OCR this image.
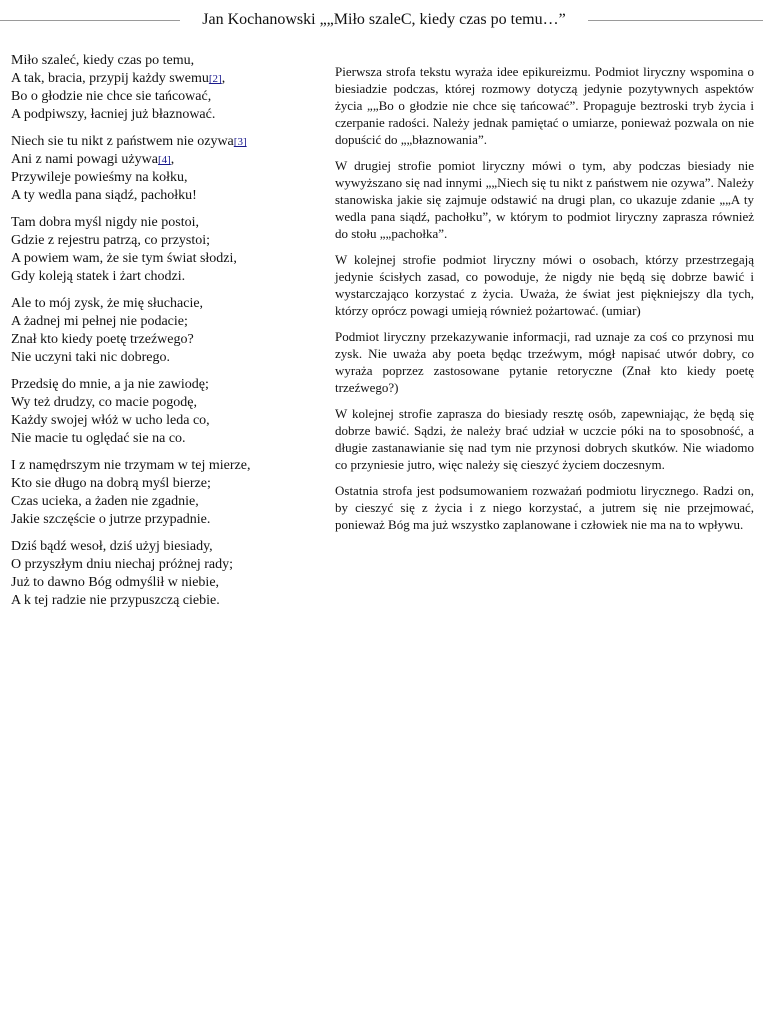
Jan Kochanowski „„Miło szaleC, kiedy czas po temu…”
Miło szaleć, kiedy czas po temu,
A tak, bracia, przypij każdy swemu[2],
Bo o głodzie nie chce sie tańcować,
A podpiwszy, łacniej już błaznować.
Niech sie tu nikt z państwem nie ozywa[3]
Ani z nami powagi używa[4],
Przywileje powieśmy na kołku,
A ty wedla pana siądź, pachołku!
Tam dobra myśl nigdy nie postoi,
Gdzie z rejestru patrzą, co przystoi;
A powiem wam, że sie tym świat słodzi,
Gdy koleją statek i żart chodzi.
Ale to mój zysk, że mię słuchacie,
A żadnej mi pełnej nie podacie;
Znał kto kiedy poetę trzeźwego?
Nie uczyni taki nic dobrego.
Przedsię do mnie, a ja nie zawiodę;
Wy też drudzy, co macie pogodę,
Każdy swojej włóż w ucho leda co,
Nie macie tu oględać sie na co.
I z namędrszym nie trzymam w tej mierze,
Kto sie długo na dobrą myśl bierze;
Czas ucieka, a żaden nie zgadnie,
Jakie szczęście o jutrze przypadnie.
Dziś bądź wesoł, dziś użyj biesiady,
O przyszłym dniu niechaj próżnej rady;
Już to dawno Bóg odmyślił w niebie,
A k tej radzie nie przypuszczą ciebie.

Pierwsza strofa tekstu wyraża idee epikureizmu. Podmiot liryczny wspomina o biesiadzie podczas, której rozmowy dotyczą jedynie pozytywnych aspektów życia „„Bo o głodzie nie chce się tańcować”. Propaguje beztroski tryb życia i czerpanie radości. Należy jednak pamiętać o umiarze, ponieważ pozwala on nie dopuścić do „„błaznowania”.

W drugiej strofie pomiot liryczny mówi o tym, aby podczas biesiady nie wywyższano się nad innymi „„Niech się tu nikt z państwem nie ozywa”. Należy stanowiska jakie się zajmuje odstawić na drugi plan, co ukazuje zdanie „„A ty wedla pana siądź, pachołku”, w którym to podmiot liryczny zaprasza również do stołu „„pachołka”.

W kolejnej strofie podmiot liryczny mówi o osobach, którzy przestrzegają jedynie ścisłych zasad, co powoduje, że nigdy nie będą się dobrze bawić i wystarczająco korzystać z życia. Uważa, że świat jest piękniejszy dla tych, którzy oprócz powagi umieją również pożartować. (umiar)

Podmiot liryczny przekazywanie informacji, rad uznaje za coś co przynosi mu zysk. Nie uważa aby poeta będąc trzeźwym, mógł napisać utwór dobry, co wyraża poprzez zastosowane pytanie retoryczne (Znał kto kiedy poetę trzeźwego?)

W kolejnej strofie zaprasza do biesiady resztę osób, zapewniając, że będą się dobrze bawić. Sądzi, że należy brać udział w uczcie póki na to sposobność, a długie zastanawianie się nad tym nie przynosi dobrych skutków. Nie wiadomo co przyniesie jutro, więc należy się cieszyć życiem doczesnym.

Ostatnia strofa jest podsumowaniem rozważań podmiotu lirycznego. Radzi on, by cieszyć się z życia i z niego korzystać, a jutrem się nie przejmować, ponieważ Bóg ma już wszystko zaplanowane i człowiek nie ma na to wpływu.
